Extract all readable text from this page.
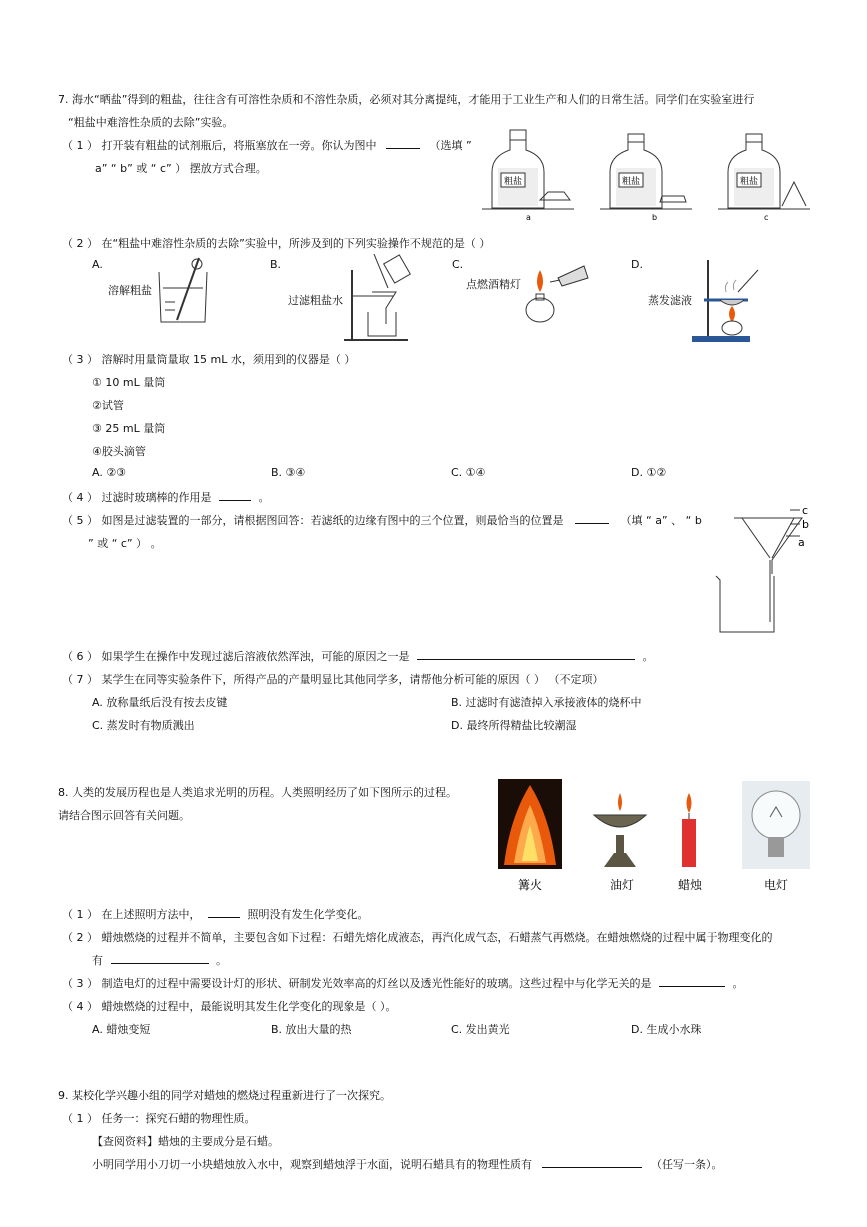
7. 海水“晒盐”得到的粗盐，往往含有可溶性杂质和不溶性杂质，必须对其分离提纯，才能用于工业生产和人们的日常生活。同学们在实验室进行
“粗盐中难溶性杂质的去除”实验。
（ 1 ） 打开装有粗盐的试剂瓶后，将瓶塞放在一旁。你认为图中	（选填 ”
a” “ b” 或 “ c” ） 摆放方式合理。
粗盐	粗盐	粗盐
a	b	c
（ 2 ） 在“粗盐中难溶性杂质的去除”实验中，所涉及到的下列实验操作不规范的是（ ）
A.
溶解粗盐
B.
过滤粗盐水
C.
点燃酒精灯
D.
蒸发滤液
（ 3 ） 溶解时用量筒量取 15 mL 水，须用到的仪器是（ ）
① 10 mL 量筒
②试管
③ 25 mL 量筒
④胶头滴管
A. ②③	B. ③④	C. ①④	D. ①②
（ 4 ） 过滤时玻璃棒的作用是	。
（ 5 ） 如图是过滤装置的一部分，请根据图回答：若滤纸的边缘有图中的三个位置，则最恰当的位置是	（填 “ a” 、 “ b
” 或 “ c” ） 。
c
b
a
（ 6 ） 如果学生在操作中发现过滤后溶液依然浑浊，可能的原因之一是	。
（ 7 ） 某学生在同等实验条件下，所得产品的产量明显比其他同学多，请帮他分析可能的原因（ ） （不定项）
A. 放称量纸后没有按去皮键	B. 过滤时有滤渣掉入承接液体的烧杯中
C. 蒸发时有物质溅出	D. 最终所得精盐比较潮湿
8. 人类的发展历程也是人类追求光明的历程。人类照明经历了如下图所示的过程。
请结合图示回答有关问题。
篝火	油灯	蜡烛	电灯
（ 1 ） 在上述照明方法中，	照明没有发生化学变化。
（ 2 ） 蜡烛燃烧的过程并不简单，主要包含如下过程：石蜡先熔化成液态，再汽化成气态，石蜡蒸气再燃烧。在蜡烛燃烧的过程中属于物理变化的
有	。
（ 3 ） 制造电灯的过程中需要设计灯的形状、研制发光效率高的灯丝以及透光性能好的玻璃。这些过程中与化学无关的是	。
（ 4 ） 蜡烛燃烧的过程中，最能说明其发生化学变化的现象是（ ）。
A. 蜡烛变短	B. 放出大量的热	C. 发出黄光	D. 生成小水珠
9. 某校化学兴趣小组的同学对蜡烛的燃烧过程重新进行了一次探究。
（ 1 ） 任务一：探究石蜡的物理性质。
【查阅资料】蜡烛的主要成分是石蜡。
小明同学用小刀切一小块蜡烛放入水中，观察到蜡烛浮于水面，说明石蜡具有的物理性质有	（任写一条）。
